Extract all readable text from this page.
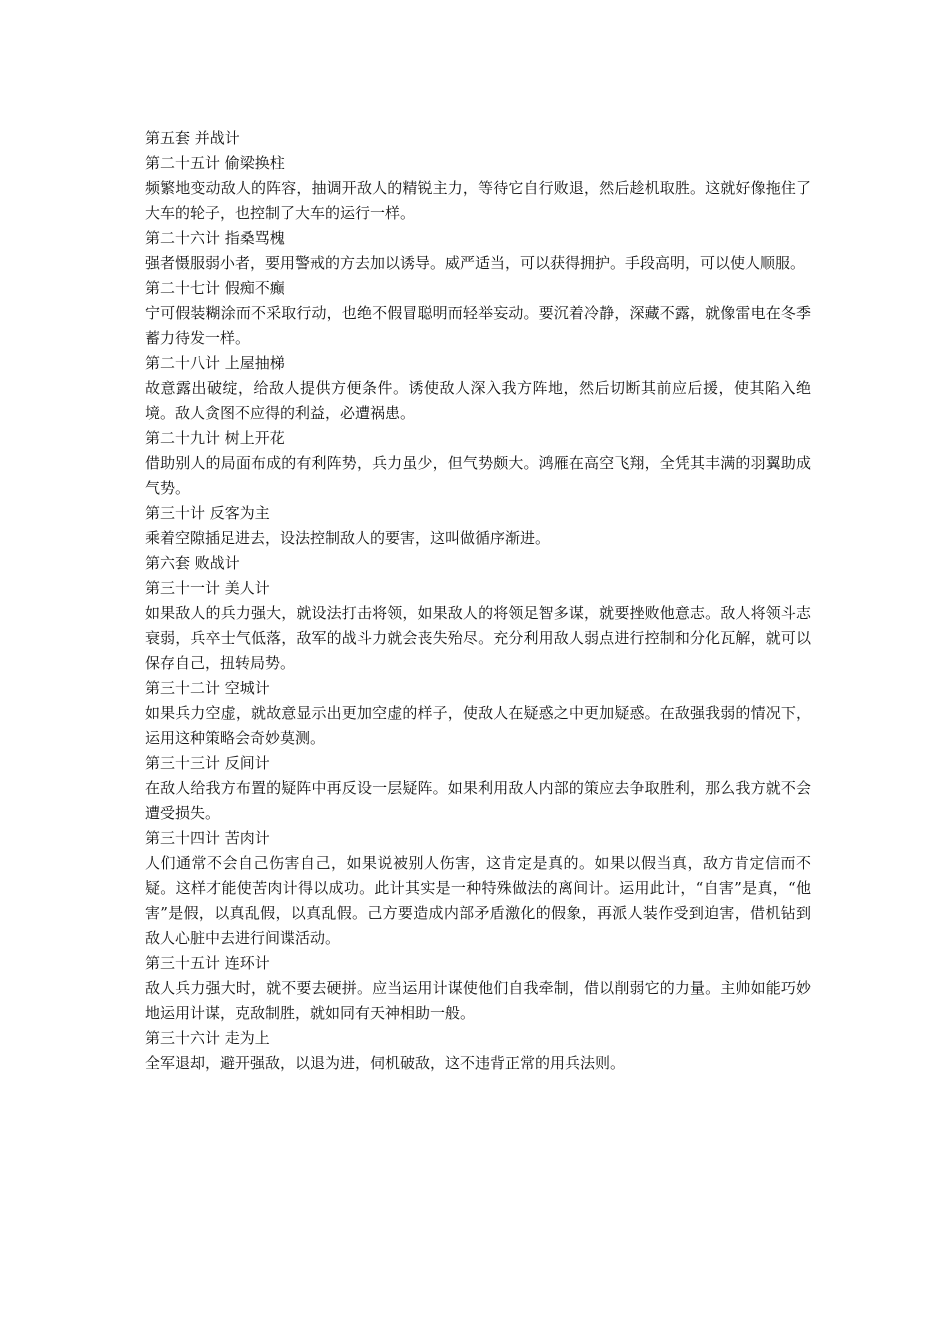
第五套 并战计

第二十五计 偷梁换柱

频繁地变动敌人的阵容，抽调开敌人的精锐主力，等待它自行败退，然后趁机取胜。这就好像拖住了大车的轮子，也控制了大车的运行一样。

第二十六计 指桑骂槐

强者慑服弱小者，要用警戒的方去加以诱导。威严适当，可以获得拥护。手段高明，可以使人顺服。

第二十七计 假痴不癫

宁可假装糊涂而不采取行动，也绝不假冒聪明而轻举妄动。要沉着冷静，深藏不露，就像雷电在冬季蓄力待发一样。

第二十八计 上屋抽梯

故意露出破绽，给敌人提供方便条件。诱使敌人深入我方阵地，然后切断其前应后援，使其陷入绝境。敌人贪图不应得的利益，必遭祸患。

第二十九计 树上开花

借助别人的局面布成的有利阵势，兵力虽少，但气势颇大。鸿雁在高空飞翔，全凭其丰满的羽翼助成气势。

第三十计 反客为主

乘着空隙插足进去，设法控制敌人的要害，这叫做循序渐进。

第六套 败战计

第三十一计 美人计

如果敌人的兵力强大，就设法打击将领，如果敌人的将领足智多谋，就要挫败他意志。敌人将领斗志衰弱，兵卒士气低落，敌军的战斗力就会丧失殆尽。充分利用敌人弱点进行控制和分化瓦解，就可以保存自己，扭转局势。

第三十二计 空城计

如果兵力空虚，就故意显示出更加空虚的样子，使敌人在疑惑之中更加疑惑。在敌强我弱的情况下，运用这种策略会奇妙莫测。

第三十三计 反间计

在敌人给我方布置的疑阵中再反设一层疑阵。如果利用敌人内部的策应去争取胜利，那么我方就不会遭受损失。

第三十四计 苦肉计

人们通常不会自己伤害自己，如果说被别人伤害，这肯定是真的。如果以假当真，敌方肯定信而不疑。这样才能使苦肉计得以成功。此计其实是一种特殊做法的离间计。运用此计，“自害”是真，“他害”是假，以真乱假，以真乱假。己方要造成内部矛盾激化的假象，再派人装作受到迫害，借机钻到敌人心脏中去进行间谍活动。

第三十五计 连环计

敌人兵力强大时，就不要去硬拼。应当运用计谋使他们自我牵制，借以削弱它的力量。主帅如能巧妙地运用计谋，克敌制胜，就如同有天神相助一般。

第三十六计 走为上

全军退却，避开强敌，以退为进，伺机破敌，这不违背正常的用兵法则。
